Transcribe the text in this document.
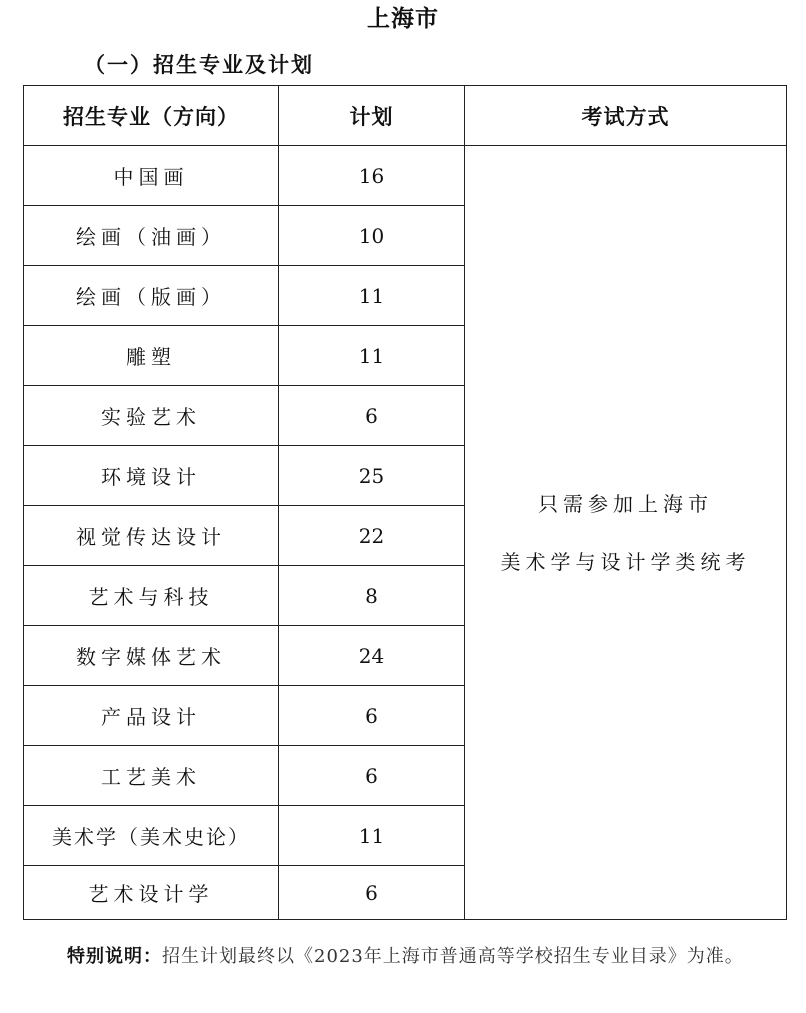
上海市
（一）招生专业及计划
招生专业（方向）	计划	考试方式
中国画	16	只需参加上海市
美术学与设计学类统考

绘画（油画）	10	
绘画（版画）	11	
雕塑	11	
实验艺术	6	
环境设计	25	
视觉传达设计	22	
艺术与科技	8	
数字媒体艺术	24	
产品设计	6	
工艺美术	6	
美术学（美术史论）	11	
艺术设计学	6	
特别说明：招生计划最终以《2023年上海市普通高等学校招生专业目录》为准。
